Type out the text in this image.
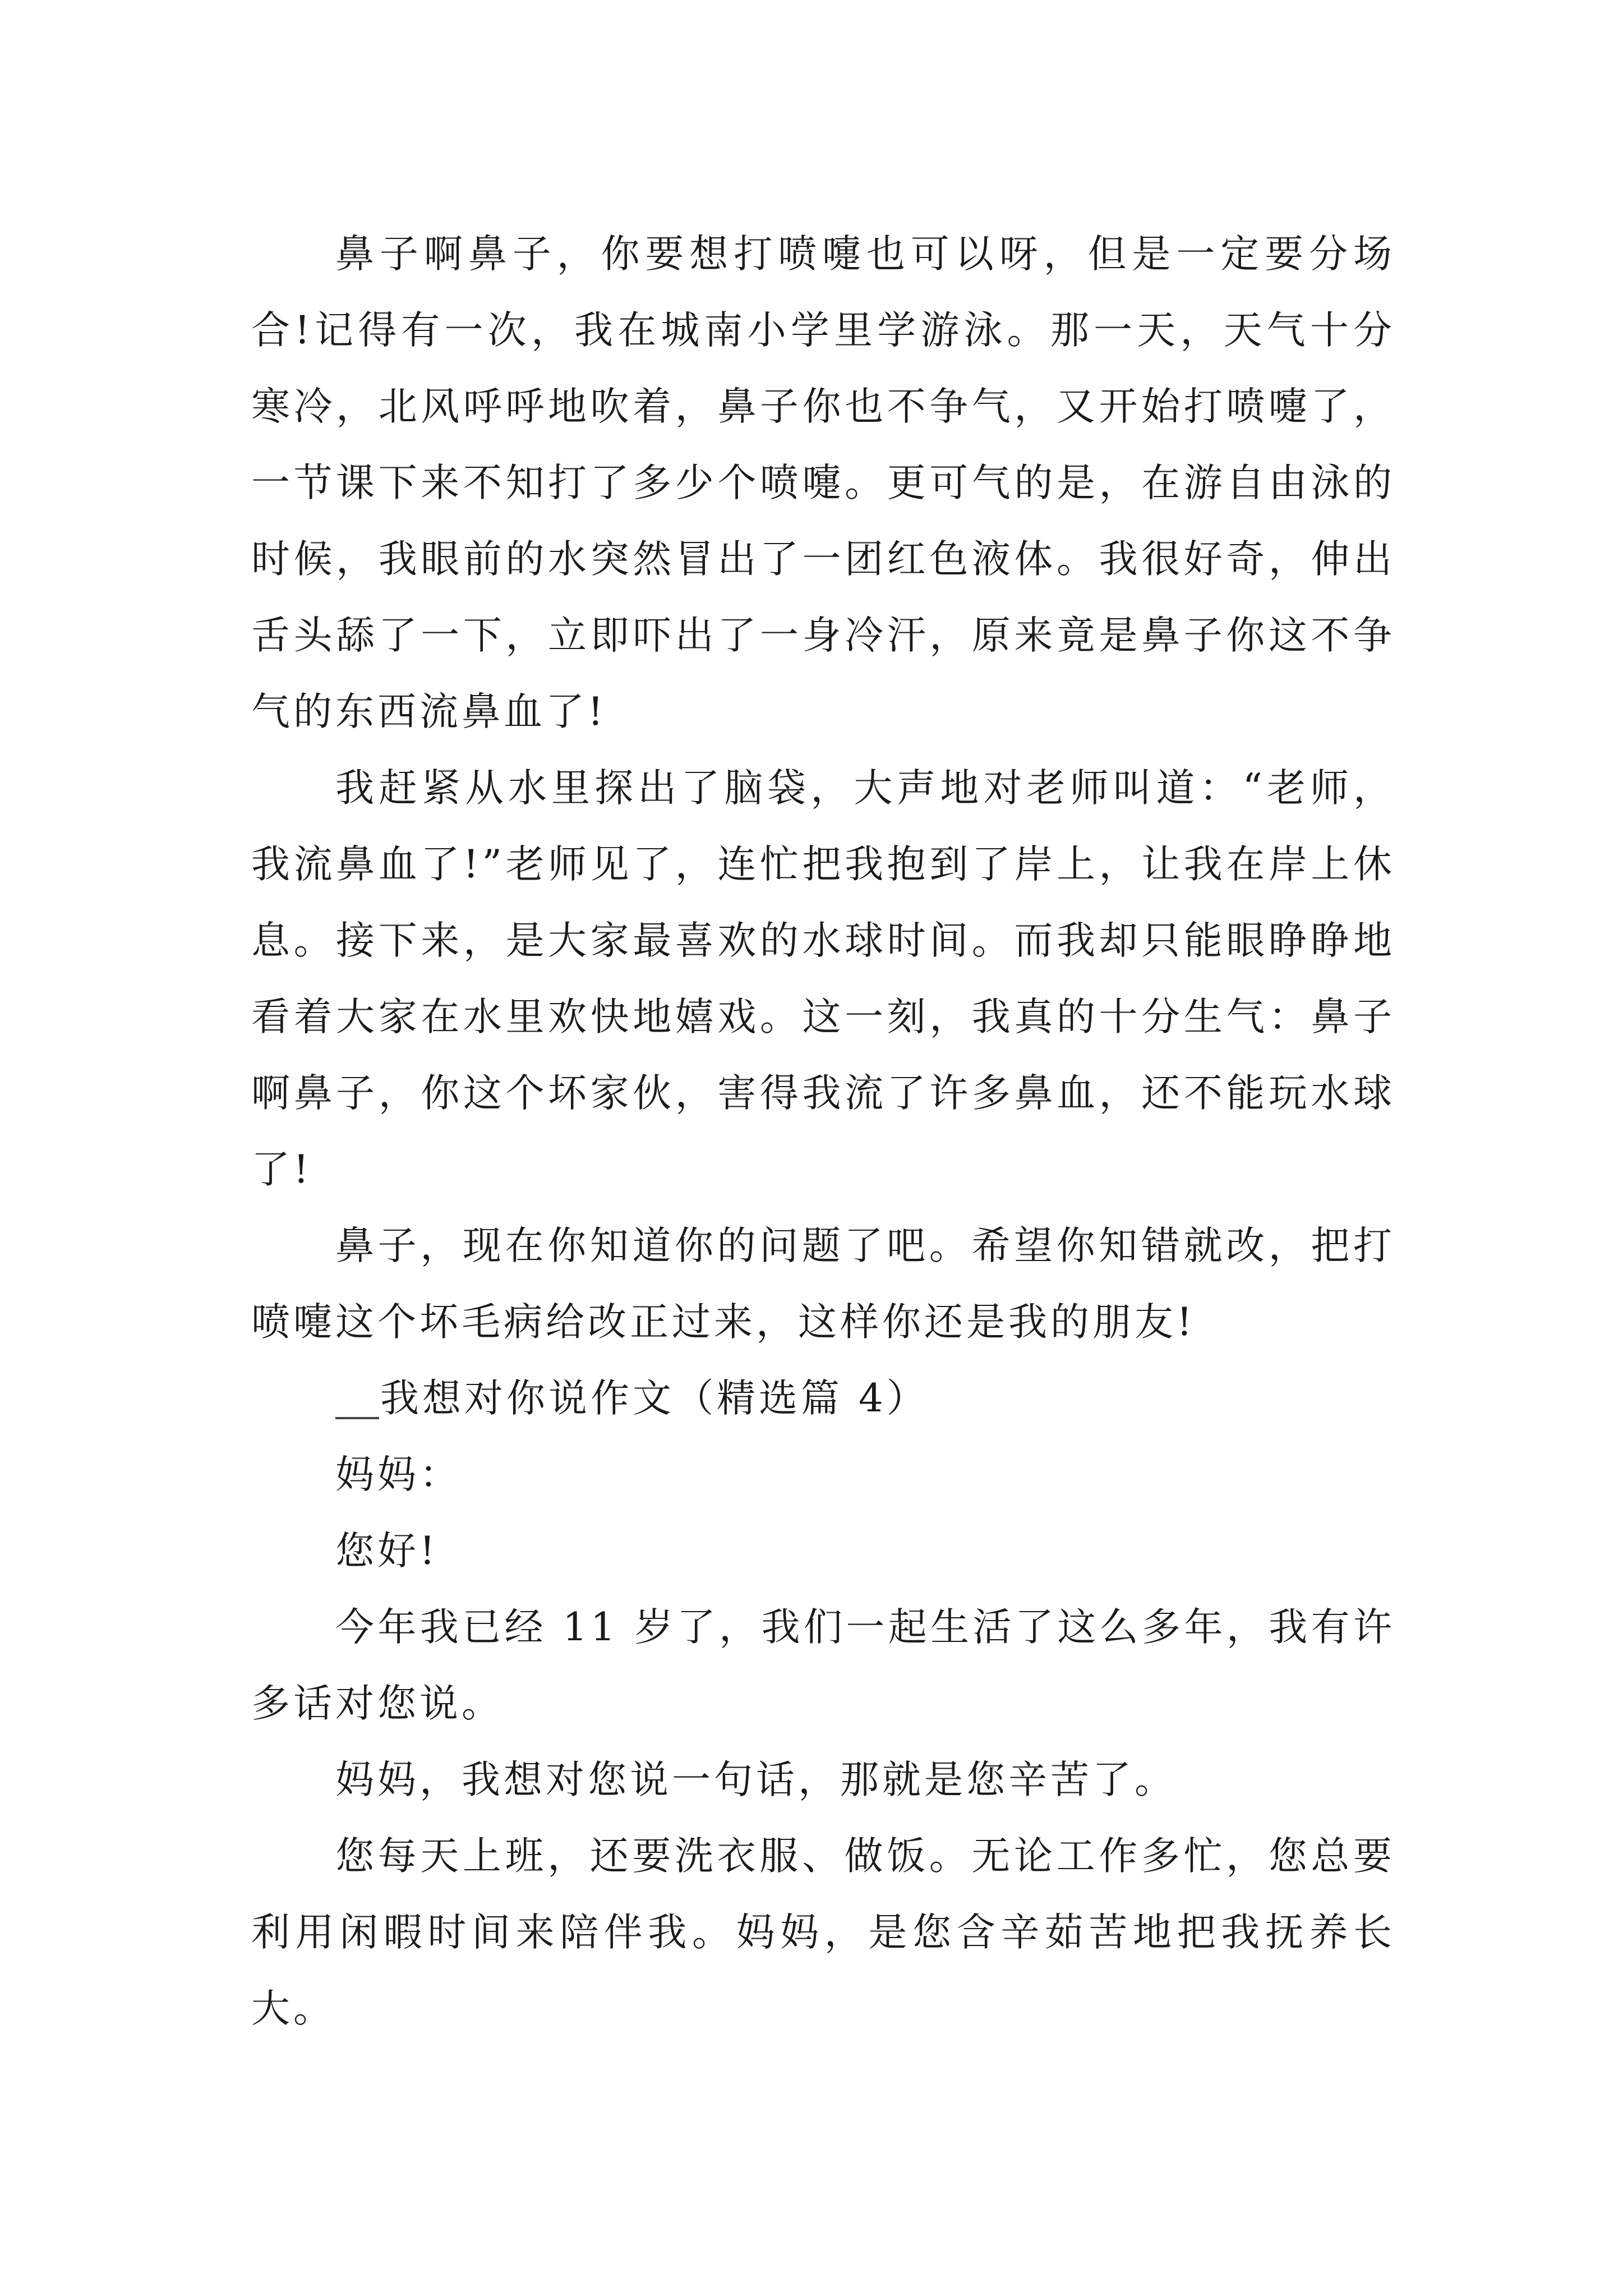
鼻子啊鼻子，你要想打喷嚏也可以呀，但是一定要分场合!记得有一次，我在城南小学里学游泳。那一天，天气十分寒冷，北风呼呼地吹着，鼻子你也不争气，又开始打喷嚏了，一节课下来不知打了多少个喷嚏。更可气的是，在游自由泳的时候，我眼前的水突然冒出了一团红色液体。我很好奇，伸出舌头舔了一下，立即吓出了一身冷汗，原来竟是鼻子你这不争气的东西流鼻血了!

我赶紧从水里探出了脑袋，大声地对老师叫道：“老师，我流鼻血了!”老师见了，连忙把我抱到了岸上，让我在岸上休息。接下来，是大家最喜欢的水球时间。而我却只能眼睁睁地看着大家在水里欢快地嬉戏。这一刻，我真的十分生气：鼻子啊鼻子，你这个坏家伙，害得我流了许多鼻血，还不能玩水球了!

鼻子，现在你知道你的问题了吧。希望你知错就改，把打喷嚏这个坏毛病给改正过来，这样你还是我的朋友!

我想对你说作文（精选篇 4）

妈妈：

您好!

今年我已经 11 岁了，我们一起生活了这么多年，我有许多话对您说。

妈妈，我想对您说一句话，那就是您辛苦了。

您每天上班，还要洗衣服、做饭。无论工作多忙，您总要利用闲暇时间来陪伴我。妈妈，是您含辛茹苦地把我抚养长大。
